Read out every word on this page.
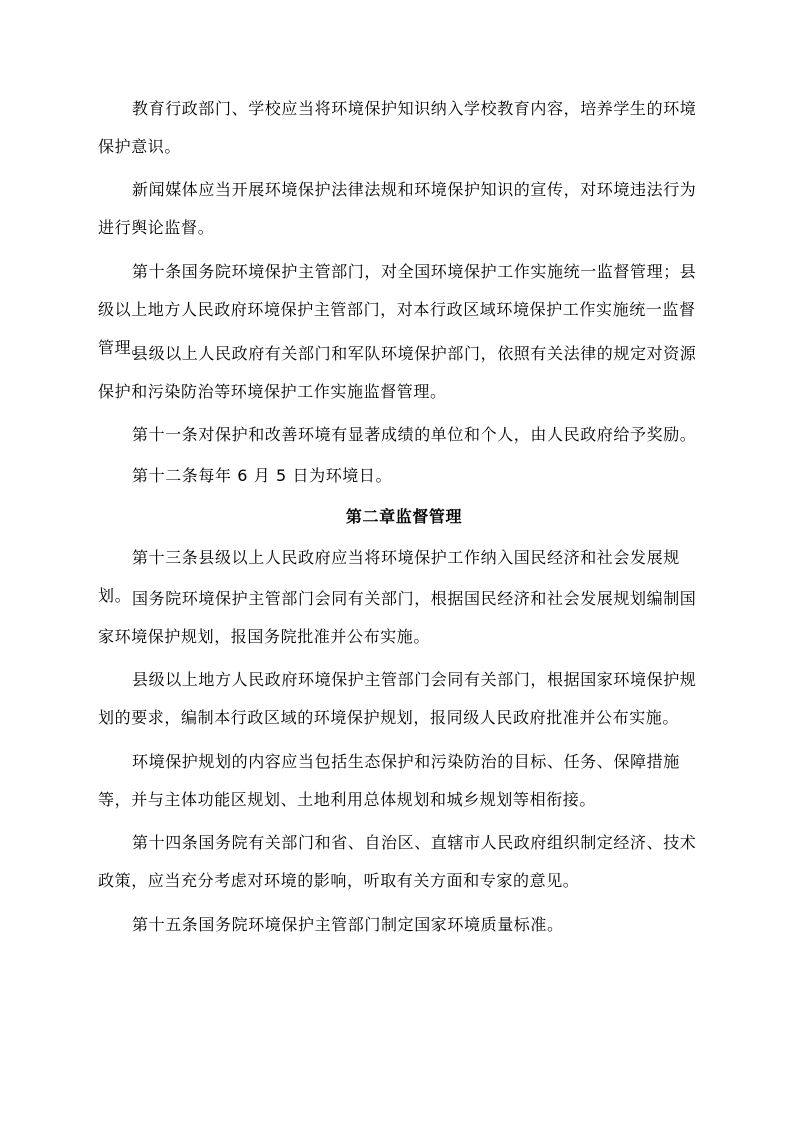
教育行政部门、学校应当将环境保护知识纳入学校教育内容，培养学生的环境保护意识。

新闻媒体应当开展环境保护法律法规和环境保护知识的宣传，对环境违法行为进行舆论监督。

第十条国务院环境保护主管部门，对全国环境保护工作实施统一监督管理；县级以上地方人民政府环境保护主管部门，对本行政区域环境保护工作实施统一监督管理。

县级以上人民政府有关部门和军队环境保护部门，依照有关法律的规定对资源保护和污染防治等环境保护工作实施监督管理。

第十一条对保护和改善环境有显著成绩的单位和个人，由人民政府给予奖励。

第十二条每年 6 月 5 日为环境日。

第二章监督管理

第十三条县级以上人民政府应当将环境保护工作纳入国民经济和社会发展规划。 国务院环境保护主管部门会同有关部门，根据国民经济和社会发展规划编制国家环境保护规划，报国务院批准并公布实施。

县级以上地方人民政府环境保护主管部门会同有关部门，根据国家环境保护规划的要求，编制本行政区域的环境保护规划，报同级人民政府批准并公布实施。

环境保护规划的内容应当包括生态保护和污染防治的目标、任务、保障措施等，并与主体功能区规划、土地利用总体规划和城乡规划等相衔接。

第十四条国务院有关部门和省、自治区、直辖市人民政府组织制定经济、技术政策，应当充分考虑对环境的影响，听取有关方面和专家的意见。

第十五条国务院环境保护主管部门制定国家环境质量标准。
